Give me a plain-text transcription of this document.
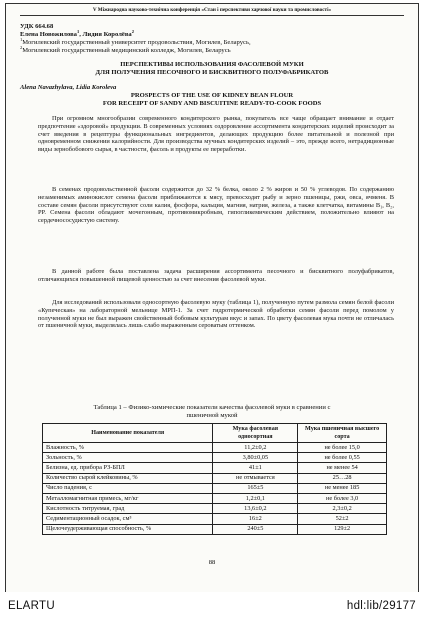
V Міжнародна науково-технічна конференція «Стан і перспективи харчової науки та промисловості»
УДК 664.68
Елена Новожилова$^1$, Лидия Королёва$^2$
$^1$Могилевский государственный университет продовольствия, Могилев, Беларусь,
$^2$Могилевский государственный медицинский колледж, Могилев, Беларусь
ПЕРСПЕКТИВЫ ИСПОЛЬЗОВАНИЯ ФАСОЛЕВОЙ МУКИ
ДЛЯ ПОЛУЧЕНИЯ ПЕСОЧНОГО И БИСКВИТНОГО ПОЛУФАБРИКАТОВ
Alena Navazhylava, Lidia Koroleva
PROSPECTS OF THE USE OF KIDNEY BEAN FLOUR
FOR RECEIPT OF SANDY AND BISCUITINE READY-TO-COOK FOODS
При огромном многообразии современного кондитерского рынка, покупатель все чаще обращает внимание и отдает предпочтение «здоровой» продукции. В современных условиях оздоровление ассортимента кондитерских изделий происходит за счет введения в рецептуры функциональных ингредиентов, делающих продукцию более питательной и полезной при одновременном снижении калорийности. Для производства мучных кондитерских изделий – это, прежде всего, нетрадиционные виды зернобобового сырья, в частности, фасоль и продукты ее переработки.
В семенах продовольственной фасоли содержится до 32 % белка, около 2 % жиров и 50 % углеводов. По содержанию незаменимых аминокислот семена фасоли приближаются к мясу, превосходят рыбу и зерно пшеницы, ржи, овса, ячменя. В составе семян фасоли присутствуют соли калия, фосфора, кальция, магния, натрия, железа, а также клетчатка, витамины B₁, B₂, PP. Семена фасоли обладают мочегонным, противомикробным, гипогликемическим действием, положительно влияют на сердечнососудистую систему.
В данной работе была поставлена задача расширения ассортимента песочного и бисквитного полуфабрикатов, отличающихся повышенной пищевой ценностью за счет внесения фасолевой муки.
Для исследований использовали односортную фасолевую муку (таблица 1), полученную путем размола семян белой фасоли «Купеческая» на лабораторной мельнице МРП-1. За счет гидротермической обработки семян фасоли перед помолом у полученной муки не был выражен свойственный бобовым культурам вкус и запах. По цвету фасолевая мука почти не отличалась от пшеничной муки, выделялась лишь слабо выраженным сероватым оттенком.
Таблица 1 – Физико-химические показатели качества фасолевой муки в сравнении с
пшеничной мукой
Наименование показателя	Мука фасолевая односортная	Мука пшеничная высшего сорта
Влажность, %	11,2±0,2	не более 15,0
Зольность, %	3,80±0,05	не более 0,55
Белизна, ед. прибора РЗ-БПЛ	41±1	не менее 54
Количество сырой клейковины, %	не отмывается	25…28
Число падения, с	165±5	не менее 185
Металломагнитная примесь, мг/кг	1,2±0,1	не более 3,0
Кислотность титруемая, град	13,6±0,2	2,3±0,2
Седиментационный осадок, см³	16±2	52±2
Щелочеудерживающая способность, %	240±5	129±2
88
ELARTU	hdl:lib/29177
